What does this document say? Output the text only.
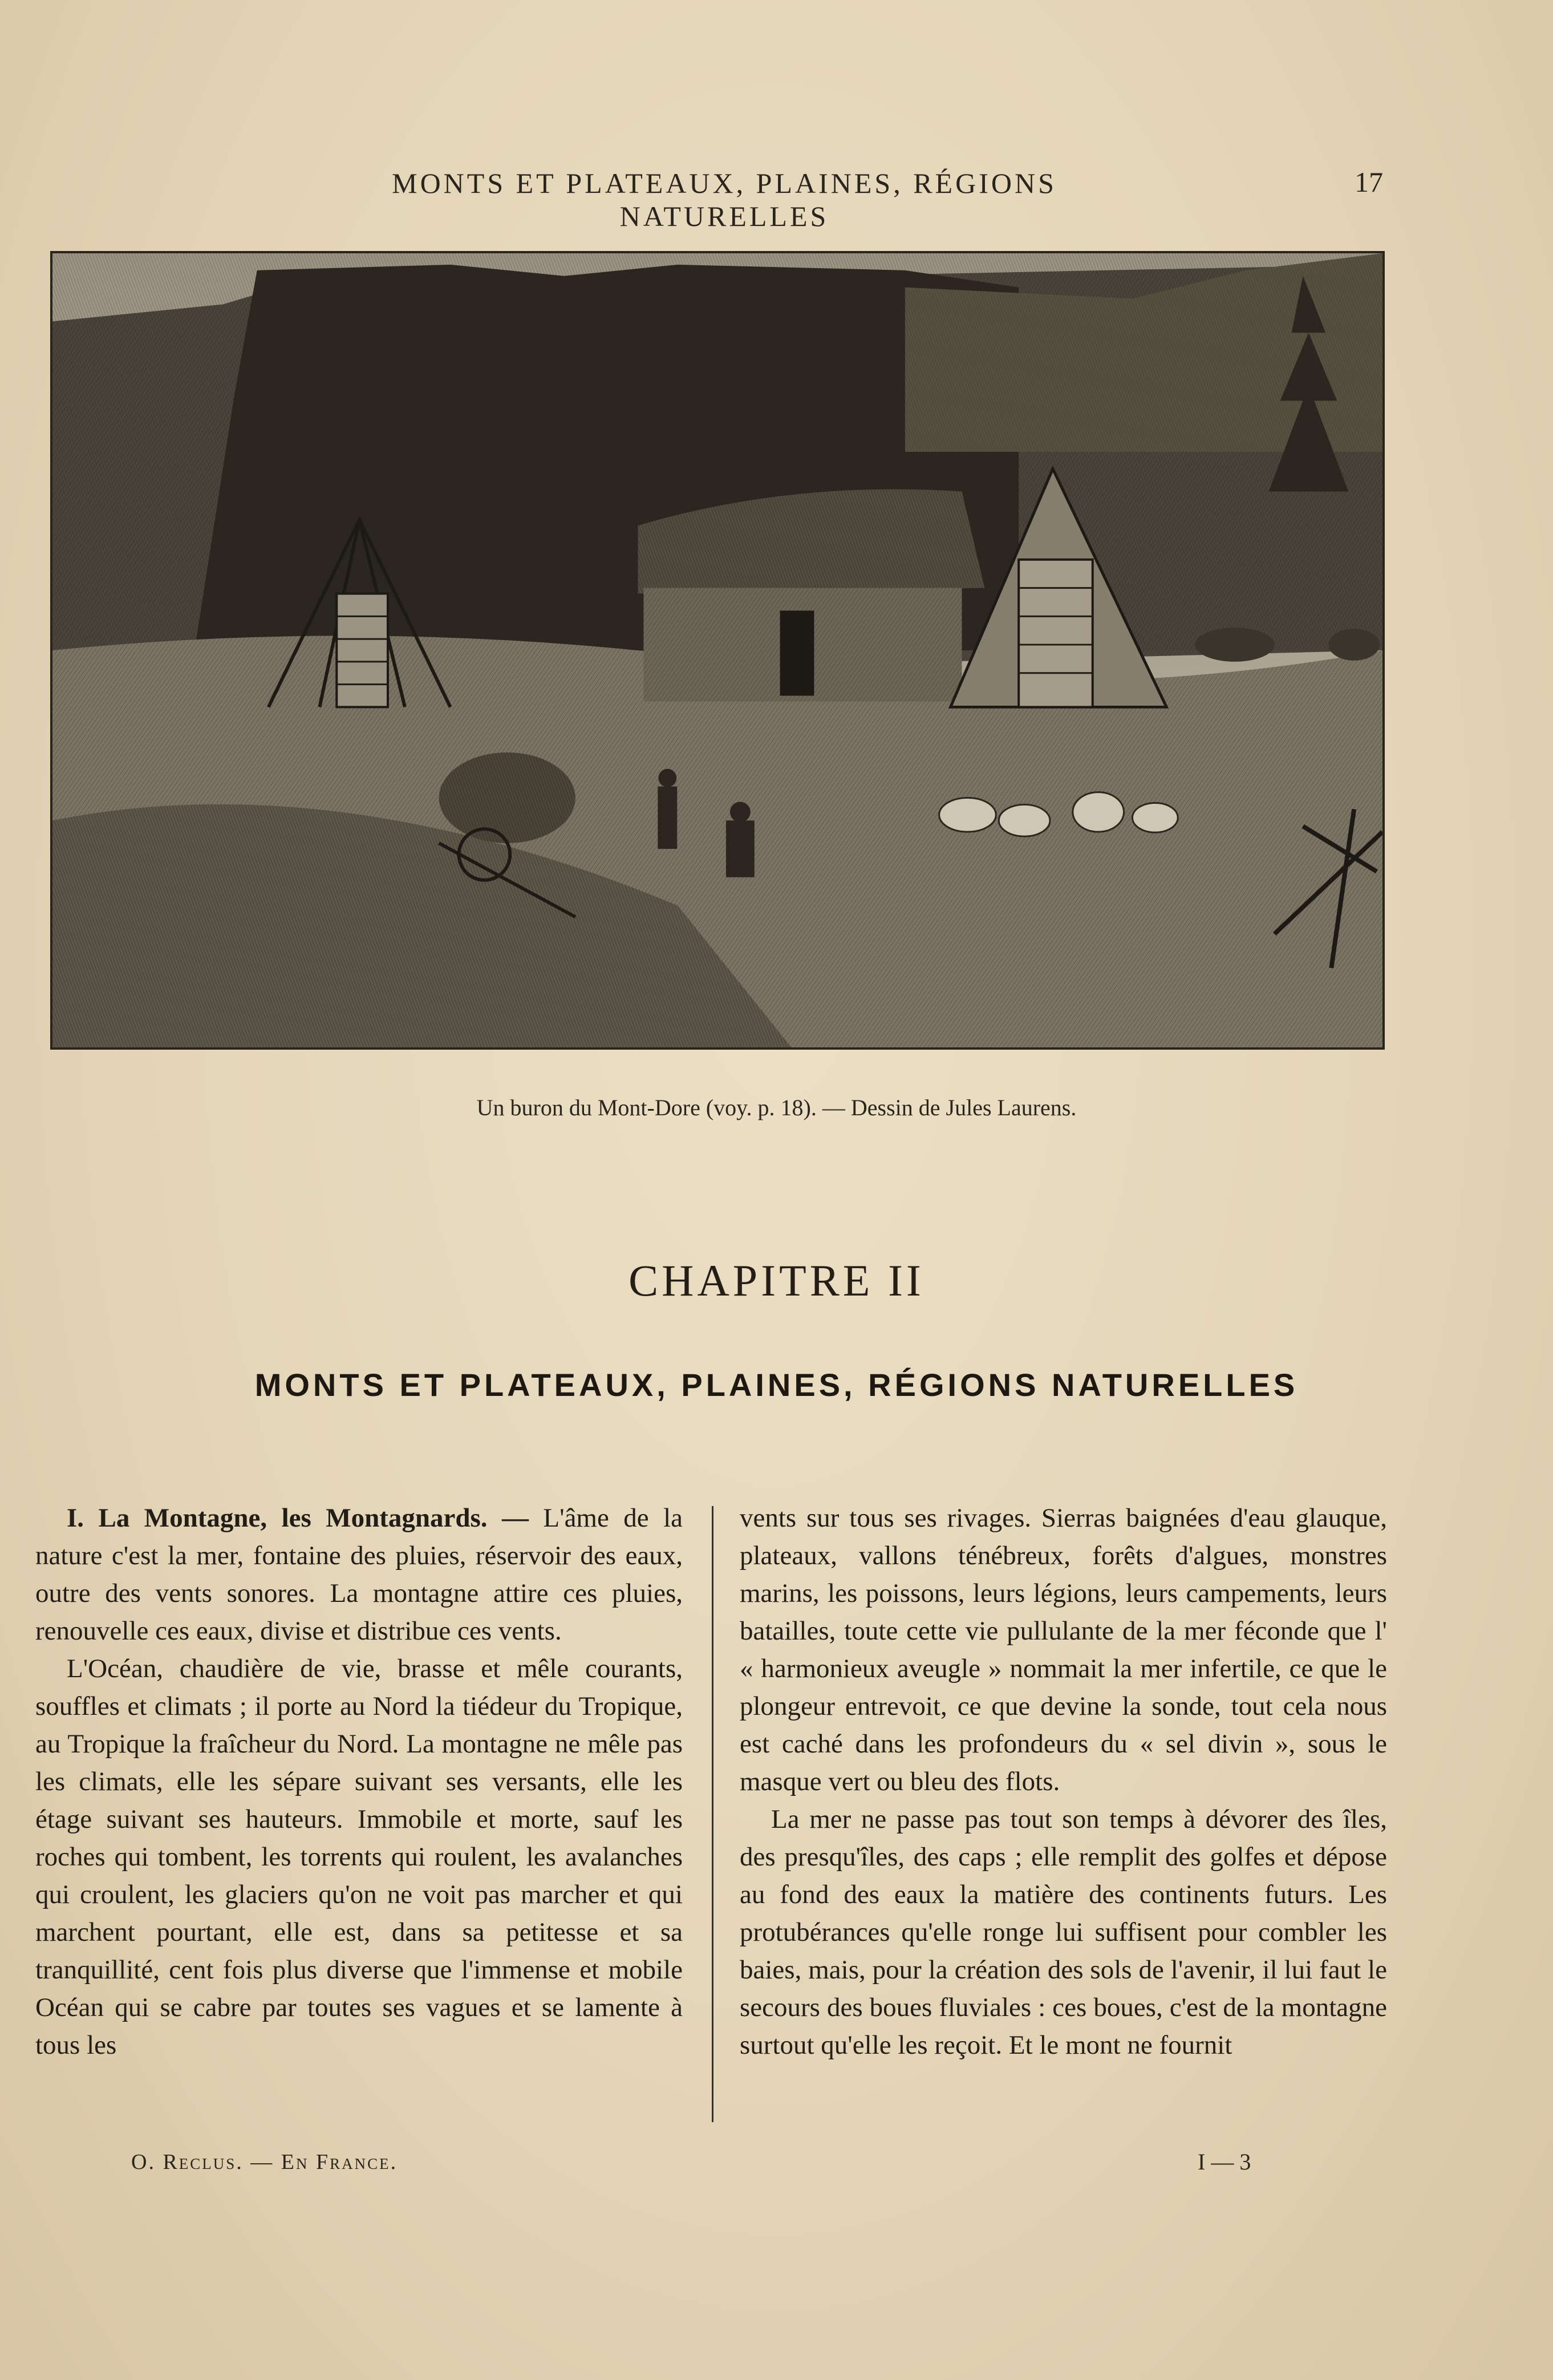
MONTS ET PLATEAUX, PLAINES, RÉGIONS NATURELLES
17
Un buron du Mont-Dore (voy. p. 18). — Dessin de Jules Laurens.
CHAPITRE II
MONTS ET PLATEAUX, PLAINES, RÉGIONS NATURELLES

I. La Montagne, les Montagnards. — L'âme de la nature c'est la mer, fontaine des pluies, réservoir des eaux, outre des vents sonores. La montagne attire ces pluies, renouvelle ces eaux, divise et distribue ces vents.

L'Océan, chaudière de vie, brasse et mêle courants, souffles et climats ; il porte au Nord la tiédeur du Tropique, au Tropique la fraîcheur du Nord. La montagne ne mêle pas les climats, elle les sépare suivant ses versants, elle les étage suivant ses hauteurs. Immobile et morte, sauf les roches qui tombent, les torrents qui roulent, les avalanches qui croulent, les glaciers qu'on ne voit pas marcher et qui marchent pourtant, elle est, dans sa petitesse et sa tranquillité, cent fois plus diverse que l'immense et mobile Océan qui se cabre par toutes ses vagues et se lamente à tous les

vents sur tous ses rivages. Sierras baignées d'eau glauque, plateaux, vallons ténébreux, forêts d'algues, monstres marins, les poissons, leurs légions, leurs campements, leurs batailles, toute cette vie pullulante de la mer féconde que l' « harmonieux aveugle » nommait la mer infertile, ce que le plongeur entrevoit, ce que devine la sonde, tout cela nous est caché dans les profondeurs du « sel divin », sous le masque vert ou bleu des flots.

La mer ne passe pas tout son temps à dévorer des îles, des presqu'îles, des caps ; elle remplit des golfes et dépose au fond des eaux la matière des continents futurs. Les protubérances qu'elle ronge lui suffisent pour combler les baies, mais, pour la création des sols de l'avenir, il lui faut le secours des boues fluviales : ces boues, c'est de la montagne surtout qu'elle les reçoit. Et le mont ne fournit

O. Reclus. — En France.	I — 3
